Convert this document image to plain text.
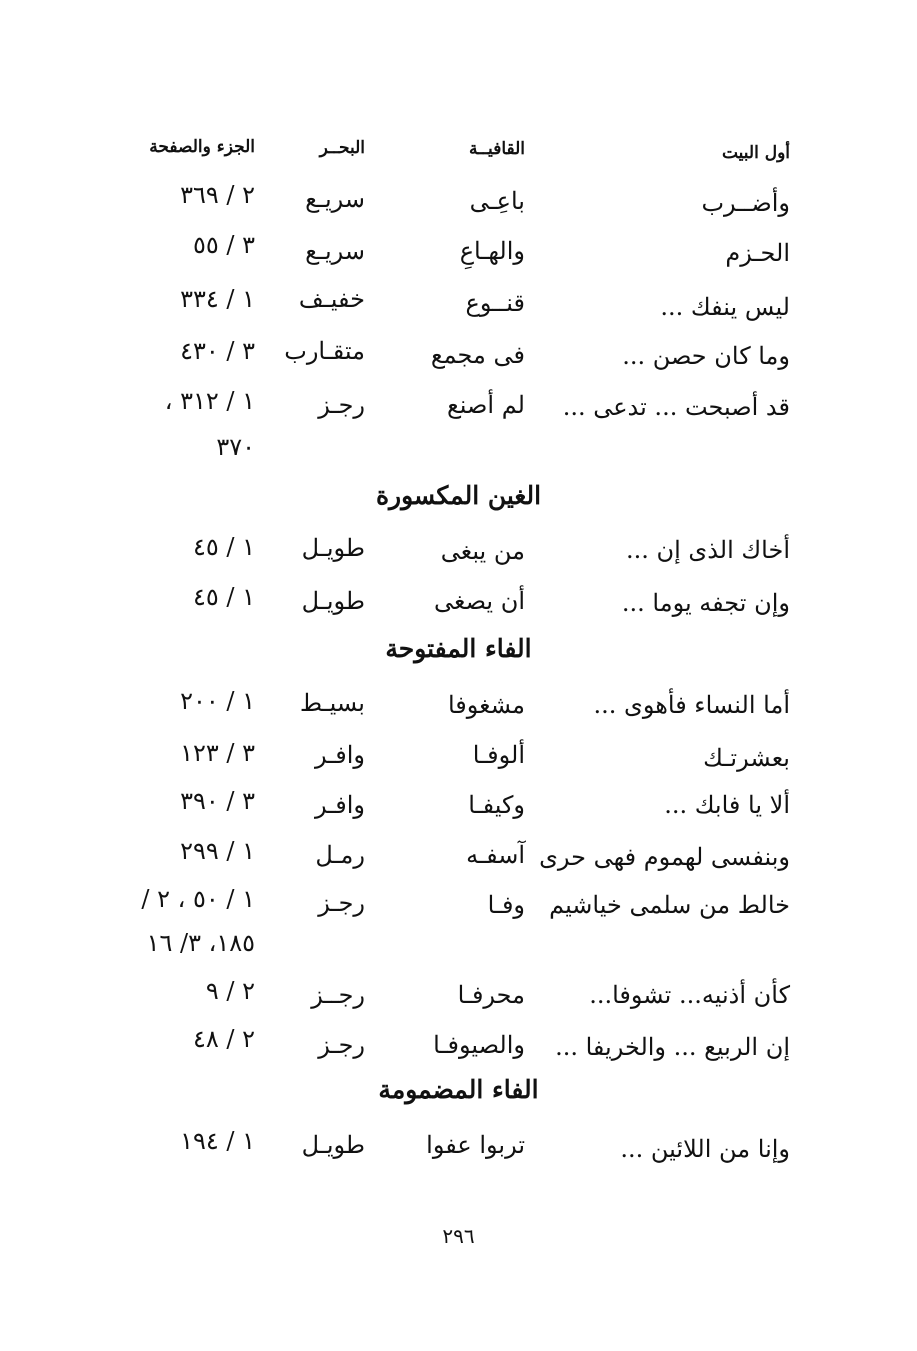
أول البيت
القافيــة
البحــر
الجزء والصفحة
وأضــرب
باعِـى
سريـع
٢ / ٣٦٩
الحـزم
والهـاعِ
سريـع
٣ / ٥٥
ليس ينفك ...
قنــوع
خفيـف
١ / ٣٣٤
وما كان حصن ...
فى مجمع
متقـارب
٣ / ٤٣٠
قد أصبحت ... تدعى ...
لم أصنع
رجـز
١ / ٣١٢ ،
٣٧٠
الغين المكسورة
أخاك الذى إن ...
من يبغى
طويـل
١ / ٤٥
وإن تجفه يوما ...
أن يصغى
طويـل
١ / ٤٥
الفاء المفتوحة
أما النساء فأهوى ...
مشغوفا
بسيـط
١ / ٢٠٠
بعشرتـك
ألوفـا
وافـر
٣ / ١٢٣
ألا يا فابك ...
وكيفـا
وافـر
٣ / ٣٩٠
وبنفسى لهموم فهى حرى
آسفـه
رمـل
١ / ٢٩٩
خالط من سلمى خياشيم
وفـا
رجـز
١ / ٥٠ ، ٢ /
١٨٥، ٣/ ١٦
كأن أذنيه... تشوفا...
محرفـا
رجــز
٢ / ٩
إن الربيع ... والخريفا ...
والصيوفـا
رجـز
٢ / ٤٨
الفاء المضمومة
وإنا من اللائين ...
تربوا عفوا
طويـل
١ / ١٩٤
٢٩٦
